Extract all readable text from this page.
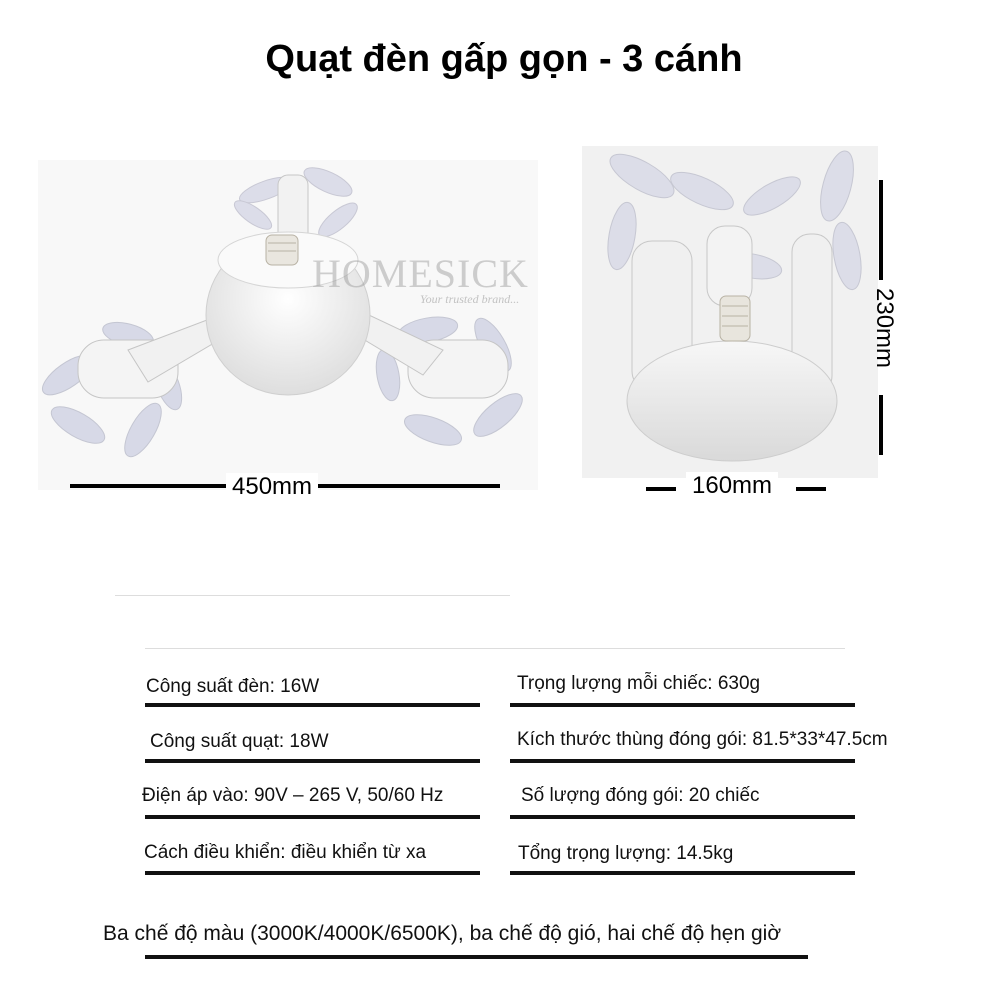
Quạt đèn gấp gọn - 3 cánh
HOMESICK
Your trusted brand...
450mm	160mm
230mm
Công suất đèn: 16W
Công suất quạt: 18W
Điện áp vào: 90V – 265 V, 50/60 Hz
Cách điều khiển: điều khiển từ xa
Trọng lượng mỗi chiếc: 630g
Kích thước thùng đóng gói: 81.5*33*47.5cm
Số lượng đóng gói: 20 chiếc
Tổng trọng lượng: 14.5kg
Ba chế độ màu (3000K/4000K/6500K), ba chế độ gió, hai chế độ hẹn giờ
